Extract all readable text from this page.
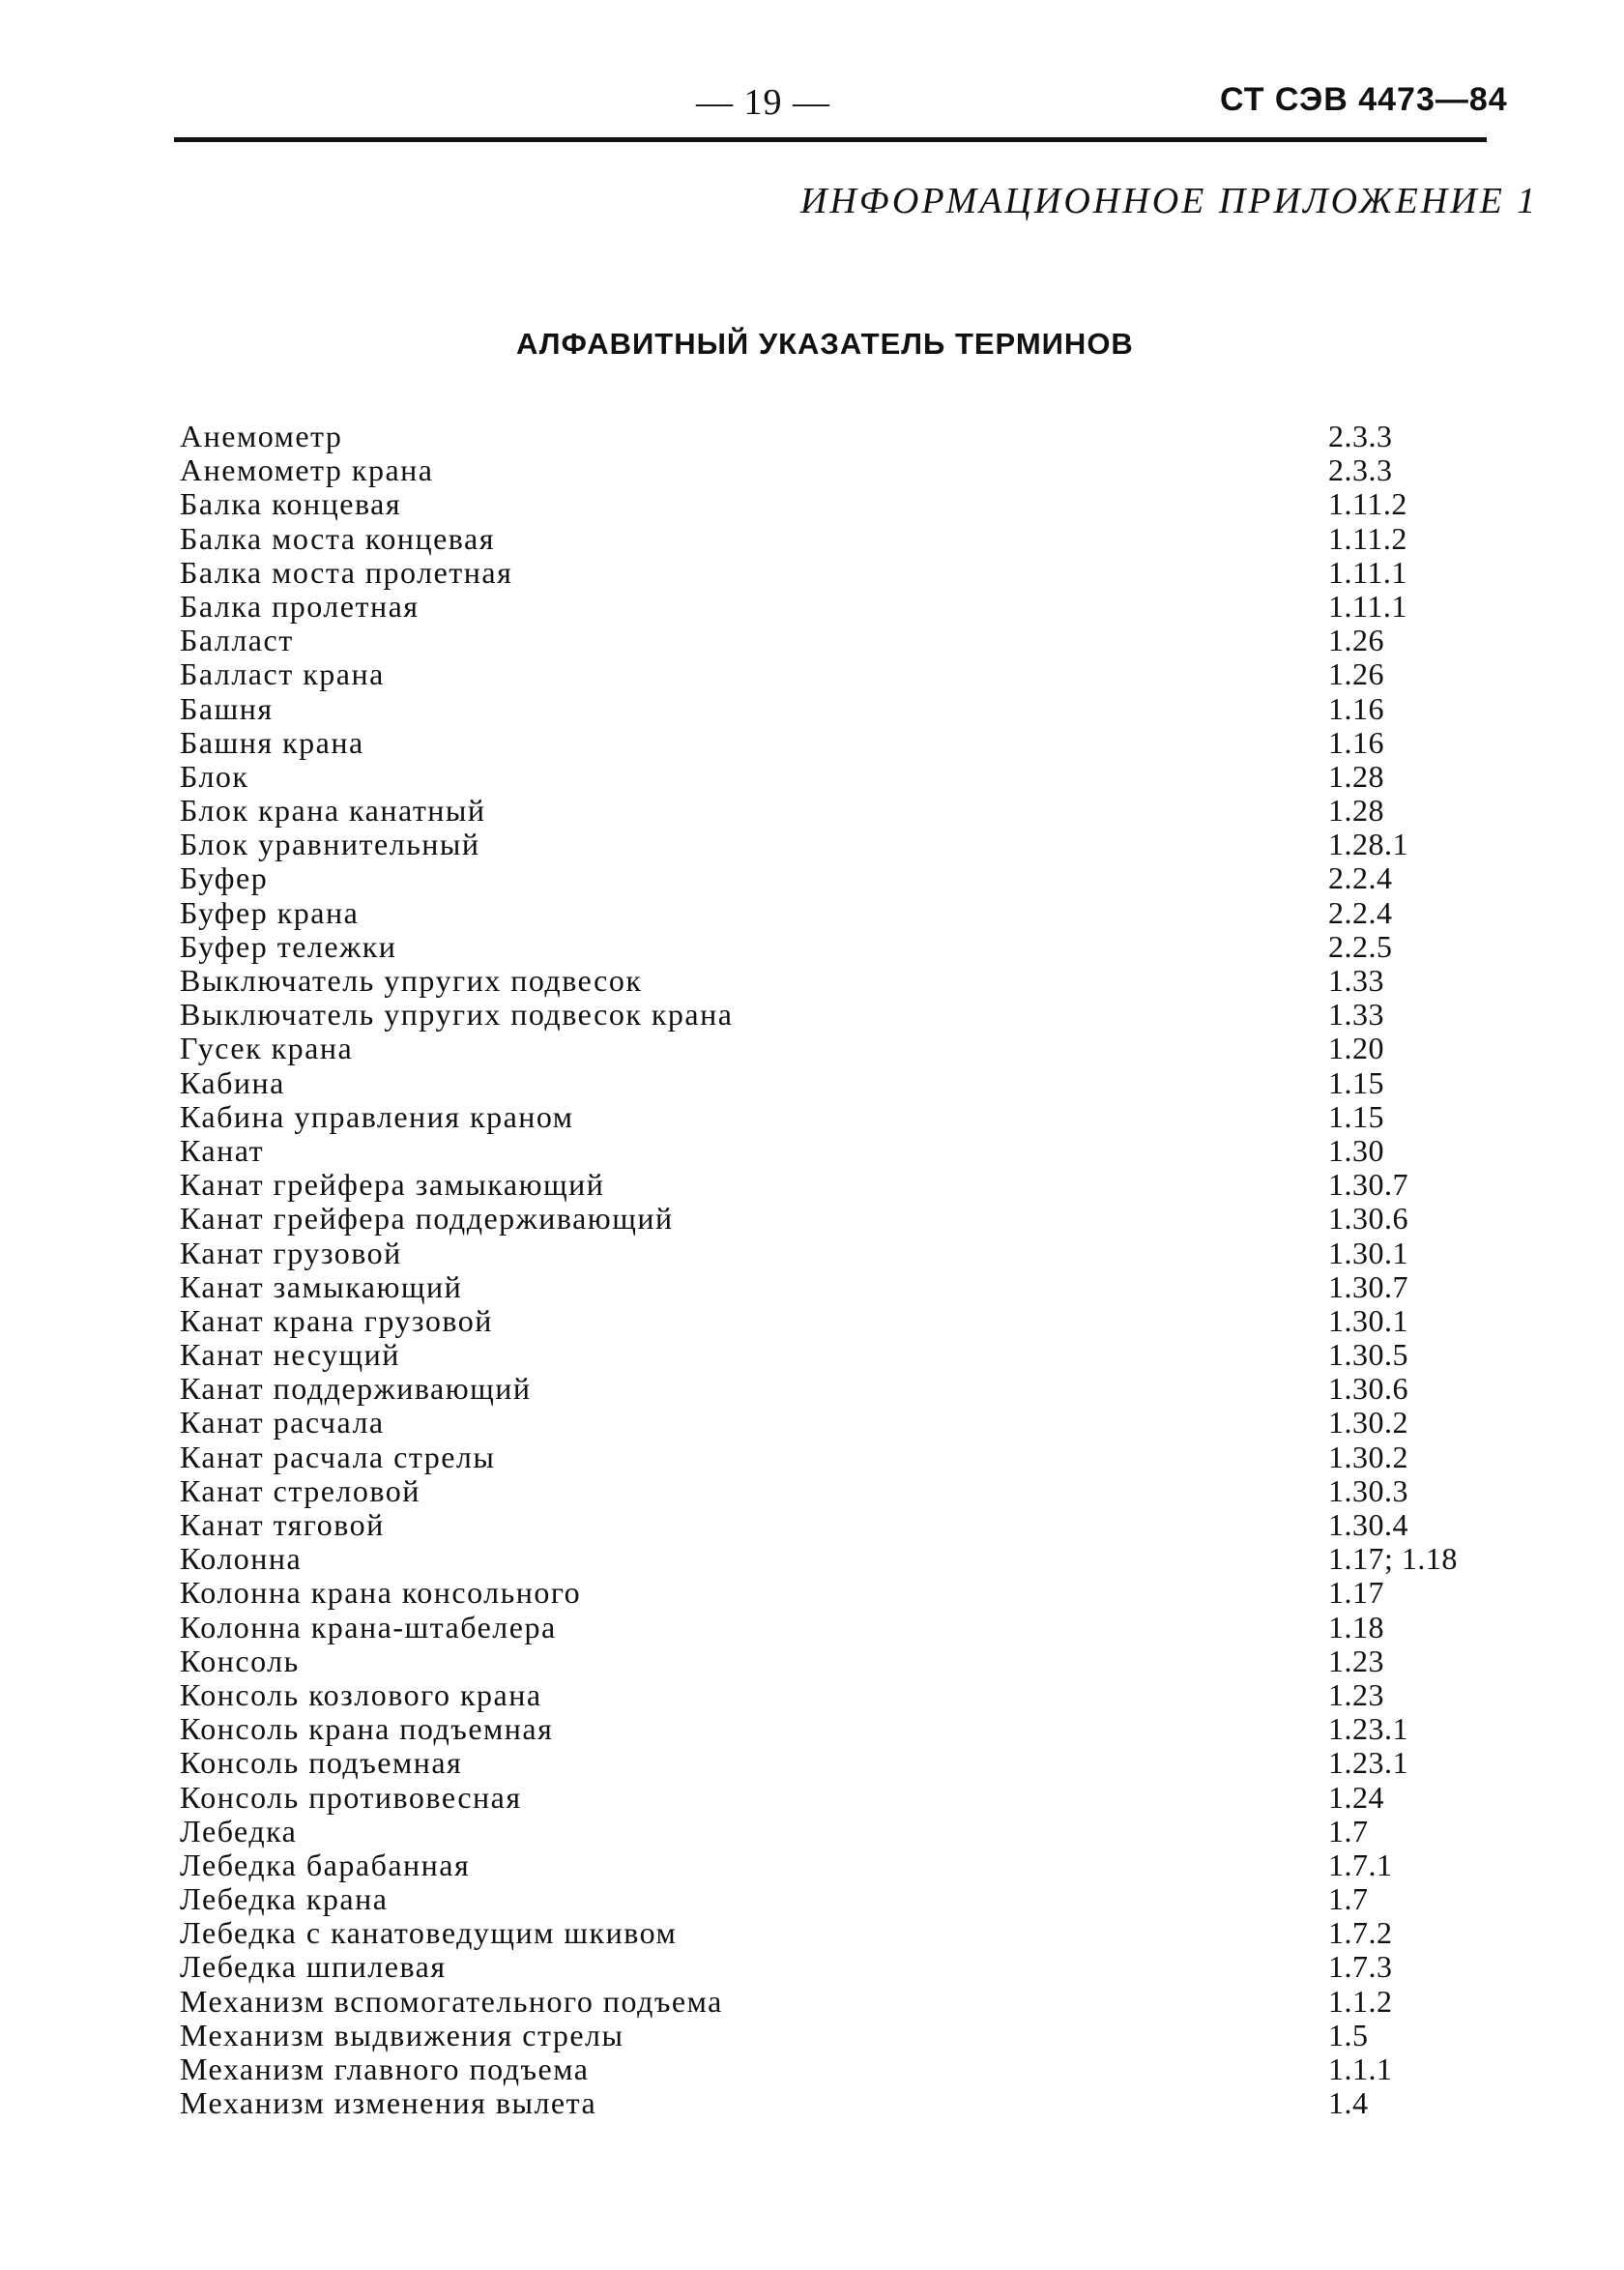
— 19 —	СТ СЭВ 4473—84
ИНФОРМАЦИОННОЕ ПРИЛОЖЕНИЕ 1
АЛФАВИТНЫЙ УКАЗАТЕЛЬ ТЕРМИНОВ
Анемометр	2.3.3
Анемометр крана	2.3.3
Балка концевая	1.11.2
Балка моста концевая	1.11.2
Балка моста пролетная	1.11.1
Балка пролетная	1.11.1
Балласт	1.26
Балласт крана	1.26
Башня	1.16
Башня крана	1.16
Блок	1.28
Блок крана канатный	1.28
Блок уравнительный	1.28.1
Буфер	2.2.4
Буфер крана	2.2.4
Буфер тележки	2.2.5
Выключатель упругих подвесок	1.33
Выключатель упругих подвесок крана	1.33
Гусек крана	1.20
Кабина	1.15
Кабина управления краном	1.15
Канат	1.30
Канат грейфера замыкающий	1.30.7
Канат грейфера поддерживающий	1.30.6
Канат грузовой	1.30.1
Канат замыкающий	1.30.7
Канат крана грузовой	1.30.1
Канат несущий	1.30.5
Канат поддерживающий	1.30.6
Канат расчала	1.30.2
Канат расчала стрелы	1.30.2
Канат стреловой	1.30.3
Канат тяговой	1.30.4
Колонна	1.17; 1.18
Колонна крана консольного	1.17
Колонна крана-штабелера	1.18
Консоль	1.23
Консоль козлового крана	1.23
Консоль крана подъемная	1.23.1
Консоль подъемная	1.23.1
Консоль противовесная	1.24
Лебедка	1.7
Лебедка барабанная	1.7.1
Лебедка крана	1.7
Лебедка с канатоведущим шкивом	1.7.2
Лебедка шпилевая	1.7.3
Механизм вспомогательного подъема	1.1.2
Механизм выдвижения стрелы	1.5
Механизм главного подъема	1.1.1
Механизм изменения вылета	1.4
